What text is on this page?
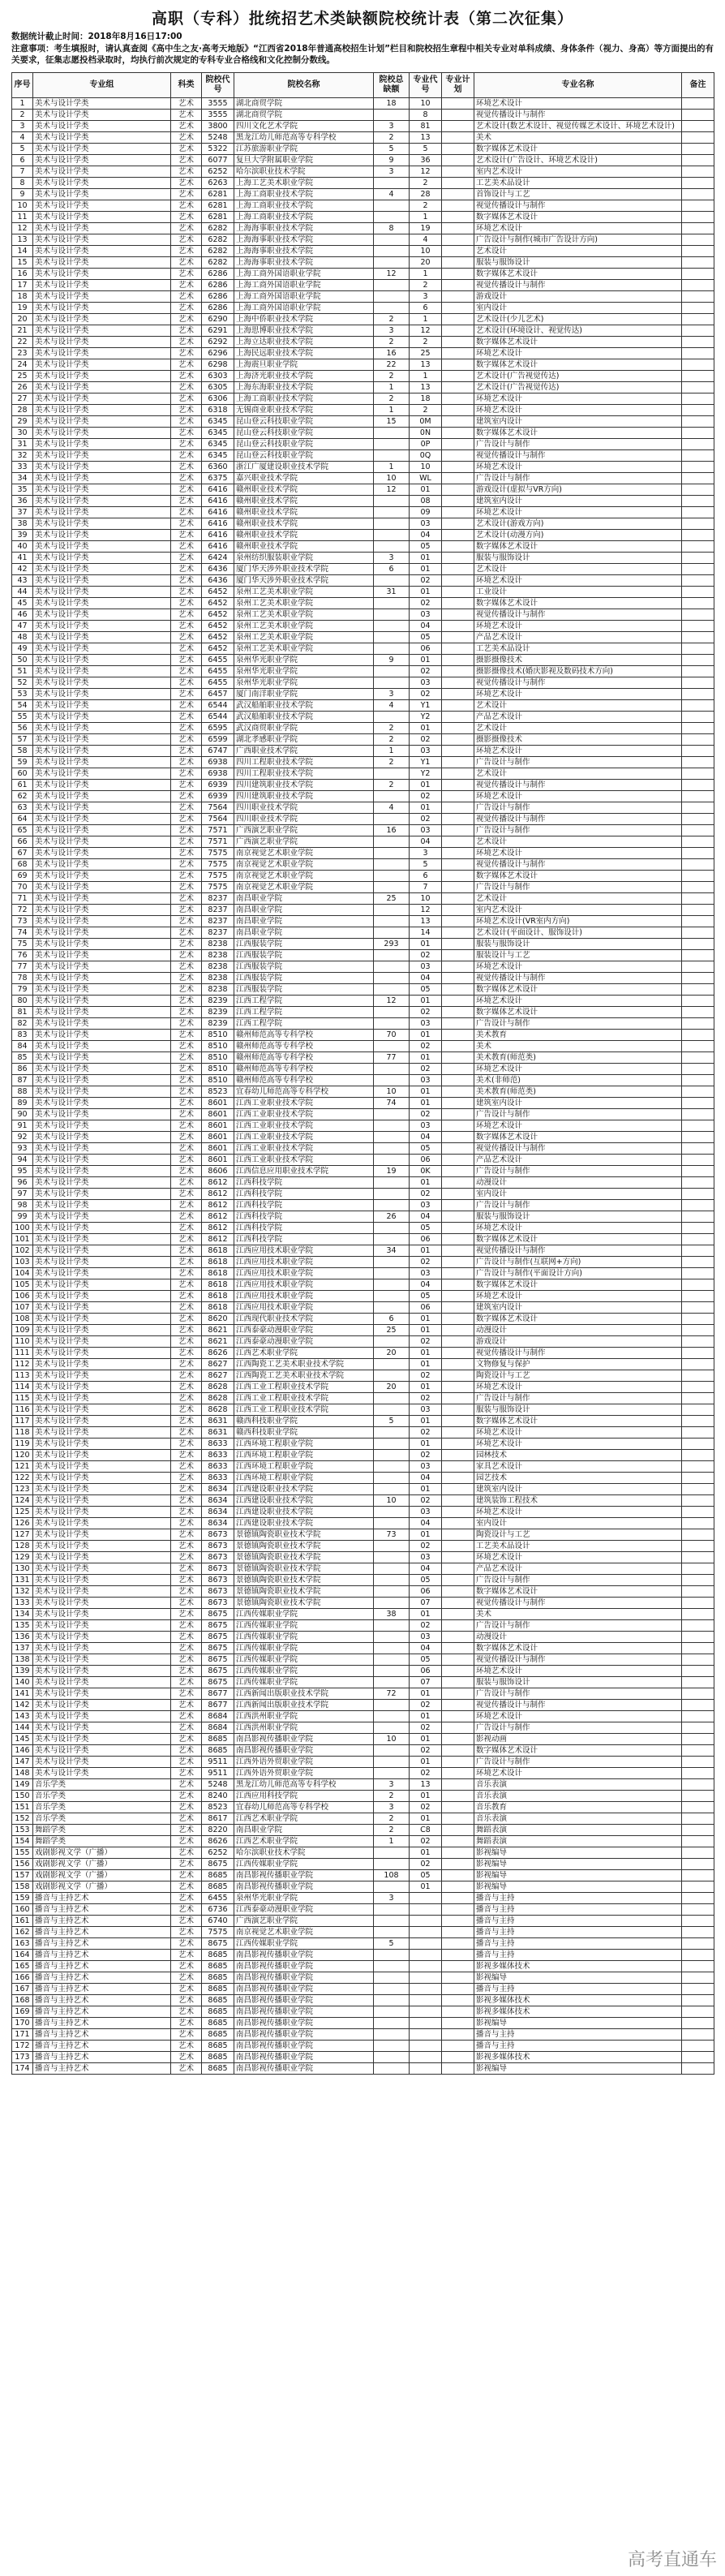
高职（专科）批统招艺术类缺额院校统计表（第二次征集）
数据统计截止时间：2018年8月16日17:00
注意事项：考生填报时，请认真查阅《高中生之友·高考天地版》“江西省2018年普通高校招生计划”栏目和院校招生章程中相关专业对单科成绩、身体条件（视力、身高）等方面提出的有关要求，征集志愿投档录取时，均执行前次规定的专科专业合格线和文化控制分数线。
序号	专业组	科类	院校代号	院校名称	院校总缺额	专业代号	专业计划	专业名称	备注
1	美术与设计学类	艺术	3555	湖北商贸学院	18	10		环境艺术设计	
2	美术与设计学类	艺术	3555	湖北商贸学院		8		视觉传播设计与制作	
3	美术与设计学类	艺术	3800	四川文化艺术学院	3	81		艺术设计(数艺术设计、视觉传媒艺术设计、环境艺术设计)	
4	美术与设计学类	艺术	5248	黑龙江幼儿师范高等专科学校	2	13		美术	
5	美术与设计学类	艺术	5322	江苏旅游职业学院	5	5		数字媒体艺术设计	
6	美术与设计学类	艺术	6077	复旦大学附属职业学院	9	36		艺术设计(广告设计、环境艺术设计)	
7	美术与设计学类	艺术	6252	哈尔滨职业技术学院	3	12		室内艺术设计	
8	美术与设计学类	艺术	6263	上海工艺美术职业学院		2		工艺美术品设计	
9	美术与设计学类	艺术	6281	上海工商职业技术学院	4	28		首饰设计与工艺	
10	美术与设计学类	艺术	6281	上海工商职业技术学院		2		视觉传播设计与制作	
11	美术与设计学类	艺术	6281	上海工商职业技术学院		1		数字媒体艺术设计	
12	美术与设计学类	艺术	6282	上海海事职业技术学院	8	19		环境艺术设计	
13	美术与设计学类	艺术	6282	上海海事职业技术学院		4		广告设计与制作(城市广告设计方向)	
14	美术与设计学类	艺术	6282	上海海事职业技术学院		10		艺术设计	
15	美术与设计学类	艺术	6282	上海海事职业技术学院		20		服装与服饰设计	
16	美术与设计学类	艺术	6286	上海工商外国语职业学院	12	1		数字媒体艺术设计	
17	美术与设计学类	艺术	6286	上海工商外国语职业学院		2		视觉传播设计与制作	
18	美术与设计学类	艺术	6286	上海工商外国语职业学院		3		游戏设计	
19	美术与设计学类	艺术	6286	上海工商外国语职业学院		6		室内设计	
20	美术与设计学类	艺术	6290	上海中侨职业技术学院	2	1		艺术设计(少儿艺术)	
21	美术与设计学类	艺术	6291	上海思博职业技术学院	3	12		艺术设计(环境设计、视觉传达)	
22	美术与设计学类	艺术	6292	上海立达职业技术学院	2	2		数字媒体艺术设计	
23	美术与设计学类	艺术	6296	上海民远职业技术学院	16	25		环境艺术设计	
24	美术与设计学类	艺术	6298	上海震旦职业学院	22	13		数字媒体艺术设计	
25	美术与设计学类	艺术	6303	上海济光职业技术学院	2	1		艺术设计(广告视觉传达)	
26	美术与设计学类	艺术	6305	上海东海职业技术学院	1	13		艺术设计(广告视觉传达)	
27	美术与设计学类	艺术	6306	上海工商职业技术学院	2	18		环境艺术设计	
28	美术与设计学类	艺术	6318	无锡商业职业技术学院	1	2		环境艺术设计	
29	美术与设计学类	艺术	6345	昆山登云科技职业学院	15	0M		建筑室内设计	
30	美术与设计学类	艺术	6345	昆山登云科技职业学院		0N		数字媒体艺术设计	
31	美术与设计学类	艺术	6345	昆山登云科技职业学院		0P		广告设计与制作	
32	美术与设计学类	艺术	6345	昆山登云科技职业学院		0Q		视觉传播设计与制作	
33	美术与设计学类	艺术	6360	浙江广厦建设职业技术学院	1	10		环境艺术设计	
34	美术与设计学类	艺术	6375	嘉兴职业技术学院	10	WL		广告设计与制作	
35	美术与设计学类	艺术	6416	赣州职业技术学院	12	01		游戏设计(虚拟与VR方向)	
36	美术与设计学类	艺术	6416	赣州职业技术学院		08		建筑室内设计	
37	美术与设计学类	艺术	6416	赣州职业技术学院		09		环境艺术设计	
38	美术与设计学类	艺术	6416	赣州职业技术学院		03		艺术设计(游戏方向)	
39	美术与设计学类	艺术	6416	赣州职业技术学院		04		艺术设计(动漫方向)	
40	美术与设计学类	艺术	6416	赣州职业技术学院		05		数字媒体艺术设计	
41	美术与设计学类	艺术	6424	泉州纺织服装职业学院	3	01		服装与服饰设计	
42	美术与设计学类	艺术	6436	厦门华天涉外职业技术学院	6	01		艺术设计	
43	美术与设计学类	艺术	6436	厦门华天涉外职业技术学院		02		环境艺术设计	
44	美术与设计学类	艺术	6452	泉州工艺美术职业学院	31	01		工业设计	
45	美术与设计学类	艺术	6452	泉州工艺美术职业学院		02		数字媒体艺术设计	
46	美术与设计学类	艺术	6452	泉州工艺美术职业学院		03		视觉传播设计与制作	
47	美术与设计学类	艺术	6452	泉州工艺美术职业学院		04		环境艺术设计	
48	美术与设计学类	艺术	6452	泉州工艺美术职业学院		05		产品艺术设计	
49	美术与设计学类	艺术	6452	泉州工艺美术职业学院		06		工艺美术品设计	
50	美术与设计学类	艺术	6455	泉州华光职业学院	9	01		摄影摄像技术	
51	美术与设计学类	艺术	6455	泉州华光职业学院		02		摄影摄像技术(婚庆影视及数码技术方向)	
52	美术与设计学类	艺术	6455	泉州华光职业学院		03		视觉传播设计与制作	
53	美术与设计学类	艺术	6457	厦门南洋职业学院	3	02		环境艺术设计	
54	美术与设计学类	艺术	6544	武汉船舶职业技术学院	4	Y1		艺术设计	
55	美术与设计学类	艺术	6544	武汉船舶职业技术学院		Y2		产品艺术设计	
56	美术与设计学类	艺术	6595	武汉商贸职业学院	2	01		艺术设计	
57	美术与设计学类	艺术	6599	湖北孝感职业学院	2	02		摄影摄像技术	
58	美术与设计学类	艺术	6747	广西职业技术学院	1	03		环境艺术设计	
59	美术与设计学类	艺术	6938	四川工程职业技术学院	2	Y1		广告设计与制作	
60	美术与设计学类	艺术	6938	四川工程职业技术学院		Y2		艺术设计	
61	美术与设计学类	艺术	6939	四川建筑职业技术学院	2	01		视觉传播设计与制作	
62	美术与设计学类	艺术	6939	四川建筑职业技术学院		02		环境艺术设计	
63	美术与设计学类	艺术	7564	四川职业技术学院	4	01		广告设计与制作	
64	美术与设计学类	艺术	7564	四川职业技术学院		02		视觉传播设计与制作	
65	美术与设计学类	艺术	7571	广西演艺职业学院	16	03		广告设计与制作	
66	美术与设计学类	艺术	7571	广西演艺职业学院		04		艺术设计	
67	美术与设计学类	艺术	7575	南京视觉艺术职业学院		3		环境艺术设计	
68	美术与设计学类	艺术	7575	南京视觉艺术职业学院		5		视觉传播设计与制作	
69	美术与设计学类	艺术	7575	南京视觉艺术职业学院		6		数字媒体艺术设计	
70	美术与设计学类	艺术	7575	南京视觉艺术职业学院		7		广告设计与制作	
71	美术与设计学类	艺术	8237	南昌职业学院	25	10		艺术设计	
72	美术与设计学类	艺术	8237	南昌职业学院		12		室内艺术设计	
73	美术与设计学类	艺术	8237	南昌职业学院		13		环境艺术设计(VR室内方向)	
74	美术与设计学类	艺术	8237	南昌职业学院		14		艺术设计(平面设计、服饰设计)	
75	美术与设计学类	艺术	8238	江西服装学院	293	01		服装与服饰设计	
76	美术与设计学类	艺术	8238	江西服装学院		02		服装设计与工艺	
77	美术与设计学类	艺术	8238	江西服装学院		03		环境艺术设计	
78	美术与设计学类	艺术	8238	江西服装学院		04		视觉传播设计与制作	
79	美术与设计学类	艺术	8238	江西服装学院		05		数字媒体艺术设计	
80	美术与设计学类	艺术	8239	江西工程学院	12	01		环境艺术设计	
81	美术与设计学类	艺术	8239	江西工程学院		02		数字媒体艺术设计	
82	美术与设计学类	艺术	8239	江西工程学院		03		广告设计与制作	
83	美术与设计学类	艺术	8510	赣州师范高等专科学校	70	01		美术教育	
84	美术与设计学类	艺术	8510	赣州师范高等专科学校		02		美术	
85	美术与设计学类	艺术	8510	赣州师范高等专科学校	77	01		美术教育(师范类)	
86	美术与设计学类	艺术	8510	赣州师范高等专科学校		02		环境艺术设计	
87	美术与设计学类	艺术	8510	赣州师范高等专科学校		03		美术(非师范)	
88	美术与设计学类	艺术	8523	宜春幼儿师范高等专科学校	10	01		美术教育(师范类)	
89	美术与设计学类	艺术	8601	江西工业职业技术学院	74	01		建筑室内设计	
90	美术与设计学类	艺术	8601	江西工业职业技术学院		02		广告设计与制作	
91	美术与设计学类	艺术	8601	江西工业职业技术学院		03		环境艺术设计	
92	美术与设计学类	艺术	8601	江西工业职业技术学院		04		数字媒体艺术设计	
93	美术与设计学类	艺术	8601	江西工业职业技术学院		05		视觉传播设计与制作	
94	美术与设计学类	艺术	8601	江西工业职业技术学院		06		产品艺术设计	
95	美术与设计学类	艺术	8606	江西信息应用职业技术学院	19	0K		广告设计与制作	
96	美术与设计学类	艺术	8612	江西科技学院		01		动漫设计	
97	美术与设计学类	艺术	8612	江西科技学院		02		室内设计	
98	美术与设计学类	艺术	8612	江西科技学院		03		广告设计与制作	
99	美术与设计学类	艺术	8612	江西科技学院	26	04		服装与服饰设计	
100	美术与设计学类	艺术	8612	江西科技学院		05		环境艺术设计	
101	美术与设计学类	艺术	8612	江西科技学院		06		数字媒体艺术设计	
102	美术与设计学类	艺术	8618	江西应用技术职业学院	34	01		视觉传播设计与制作	
103	美术与设计学类	艺术	8618	江西应用技术职业学院		02		广告设计与制作(互联网+方向)	
104	美术与设计学类	艺术	8618	江西应用技术职业学院		03		广告设计与制作(平面设计方向)	
105	美术与设计学类	艺术	8618	江西应用技术职业学院		04		数字媒体艺术设计	
106	美术与设计学类	艺术	8618	江西应用技术职业学院		05		环境艺术设计	
107	美术与设计学类	艺术	8618	江西应用技术职业学院		06		建筑室内设计	
108	美术与设计学类	艺术	8620	江西现代职业技术学院	6	01		数字媒体艺术设计	
109	美术与设计学类	艺术	8621	江西泰豪动漫职业学院	25	01		动漫设计	
110	美术与设计学类	艺术	8621	江西泰豪动漫职业学院		02		游戏设计	
111	美术与设计学类	艺术	8626	江西艺术职业学院	20	01		视觉传播设计与制作	
112	美术与设计学类	艺术	8627	江西陶瓷工艺美术职业技术学院		01		文物修复与保护	
113	美术与设计学类	艺术	8627	江西陶瓷工艺美术职业技术学院		02		陶瓷设计与工艺	
114	美术与设计学类	艺术	8628	江西工业工程职业技术学院	20	01		环境艺术设计	
115	美术与设计学类	艺术	8628	江西工业工程职业技术学院		02		广告设计与制作	
116	美术与设计学类	艺术	8628	江西工业工程职业技术学院		03		服装与服饰设计	
117	美术与设计学类	艺术	8631	赣西科技职业学院	5	01		数字媒体艺术设计	
118	美术与设计学类	艺术	8631	赣西科技职业学院		02		环境艺术设计	
119	美术与设计学类	艺术	8633	江西环境工程职业学院		01		环境艺术设计	
120	美术与设计学类	艺术	8633	江西环境工程职业学院		02		园林技术	
121	美术与设计学类	艺术	8633	江西环境工程职业学院		03		家具艺术设计	
122	美术与设计学类	艺术	8633	江西环境工程职业学院		04		园艺技术	
123	美术与设计学类	艺术	8634	江西建设职业技术学院		01		建筑室内设计	
124	美术与设计学类	艺术	8634	江西建设职业技术学院	10	02		建筑装饰工程技术	
125	美术与设计学类	艺术	8634	江西建设职业技术学院		03		环境艺术设计	
126	美术与设计学类	艺术	8634	江西建设职业技术学院		04		室内设计	
127	美术与设计学类	艺术	8673	景德镇陶瓷职业技术学院	73	01		陶瓷设计与工艺	
128	美术与设计学类	艺术	8673	景德镇陶瓷职业技术学院		02		工艺美术品设计	
129	美术与设计学类	艺术	8673	景德镇陶瓷职业技术学院		03		环境艺术设计	
130	美术与设计学类	艺术	8673	景德镇陶瓷职业技术学院		04		产品艺术设计	
131	美术与设计学类	艺术	8673	景德镇陶瓷职业技术学院		05		广告设计与制作	
132	美术与设计学类	艺术	8673	景德镇陶瓷职业技术学院		06		数字媒体艺术设计	
133	美术与设计学类	艺术	8673	景德镇陶瓷职业技术学院		07		视觉传播设计与制作	
134	美术与设计学类	艺术	8675	江西传媒职业学院	38	01		美术	
135	美术与设计学类	艺术	8675	江西传媒职业学院		02		广告设计与制作	
136	美术与设计学类	艺术	8675	江西传媒职业学院		03		动漫设计	
137	美术与设计学类	艺术	8675	江西传媒职业学院		04		数字媒体艺术设计	
138	美术与设计学类	艺术	8675	江西传媒职业学院		05		视觉传播设计与制作	
139	美术与设计学类	艺术	8675	江西传媒职业学院		06		环境艺术设计	
140	美术与设计学类	艺术	8675	江西传媒职业学院		07		服装与服饰设计	
141	美术与设计学类	艺术	8677	江西新闻出版职业技术学院	72	01		广告设计与制作	
142	美术与设计学类	艺术	8677	江西新闻出版职业技术学院		02		视觉传播设计与制作	
143	美术与设计学类	艺术	8684	江西洪州职业学院		01		环境艺术设计	
144	美术与设计学类	艺术	8684	江西洪州职业学院		02		广告设计与制作	
145	美术与设计学类	艺术	8685	南昌影视传播职业学院	10	01		影视动画	
146	美术与设计学类	艺术	8685	南昌影视传播职业学院		02		数字媒体艺术设计	
147	美术与设计学类	艺术	9511	江西外语外贸职业学院		01		广告设计与制作	
148	美术与设计学类	艺术	9511	江西外语外贸职业学院		02		环境艺术设计	
149	音乐学类	艺术	5248	黑龙江幼儿师范高等专科学校	3	13		音乐表演	
150	音乐学类	艺术	8240	江西应用科技学院	2	01		音乐表演	
151	音乐学类	艺术	8523	宜春幼儿师范高等专科学校	3	02		音乐教育	
152	音乐学类	艺术	8617	江西艺术职业学院	2	01		音乐表演	
153	舞蹈学类	艺术	8220	南昌职业学院	2	C8		舞蹈表演	
154	舞蹈学类	艺术	8626	江西艺术职业学院	1	02		舞蹈表演	
155	戏剧影视文学（广播）	艺术	6252	哈尔滨职业技术学院		01		影视编导	
156	戏剧影视文学（广播）	艺术	8675	江西传媒职业学院		02		影视编导	
157	戏剧影视文学（广播）	艺术	8685	南昌影视传播职业学院	108	05		影视编导	
158	戏剧影视文学（广播）	艺术	8685	南昌影视传播职业学院		01		影视编导	
159	播音与主持艺术	艺术	6455	泉州华光职业学院	3			播音与主持	
160	播音与主持艺术	艺术	6736	江西泰豪动漫职业学院				播音与主持	
161	播音与主持艺术	艺术	6740	广西演艺职业学院				播音与主持	
162	播音与主持艺术	艺术	7575	南京视觉艺术职业学院				播音与主持	
163	播音与主持艺术	艺术	8675	江西传媒职业学院	5			播音与主持	
164	播音与主持艺术	艺术	8685	南昌影视传播职业学院				播音与主持	
165	播音与主持艺术	艺术	8685	南昌影视传播职业学院				影视多媒体技术	
166	播音与主持艺术	艺术	8685	南昌影视传播职业学院				影视编导	
167	播音与主持艺术	艺术	8685	南昌影视传播职业学院				播音与主持	
168	播音与主持艺术	艺术	8685	南昌影视传播职业学院				影视多媒体技术	
169	播音与主持艺术	艺术	8685	南昌影视传播职业学院				影视多媒体技术	
170	播音与主持艺术	艺术	8685	南昌影视传播职业学院				影视编导	
171	播音与主持艺术	艺术	8685	南昌影视传播职业学院				播音与主持	
172	播音与主持艺术	艺术	8685	南昌影视传播职业学院				播音与主持	
173	播音与主持艺术	艺术	8685	南昌影视传播职业学院				影视多媒体技术	
174	播音与主持艺术	艺术	8685	南昌影视传播职业学院				影视编导	
高考直通车
